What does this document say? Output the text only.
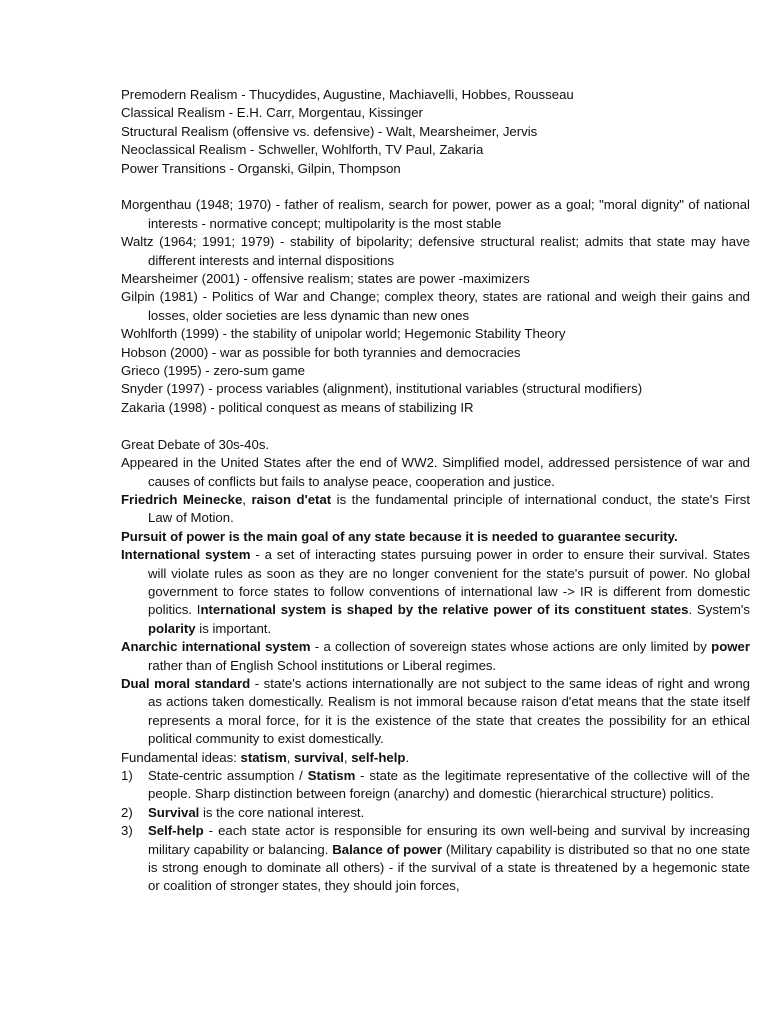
Premodern Realism - Thucydides, Augustine, Machiavelli, Hobbes, Rousseau
Classical Realism - E.H. Carr, Morgentau, Kissinger
Structural Realism (offensive vs. defensive) - Walt, Mearsheimer, Jervis
Neoclassical Realism - Schweller, Wohlforth, TV Paul, Zakaria
Power Transitions - Organski, Gilpin, Thompson
Morgenthau (1948; 1970) - father of realism, search for power, power as a goal; "moral dignity" of national interests - normative concept; multipolarity is the most stable
Waltz (1964; 1991; 1979) - stability of bipolarity; defensive structural realist; admits that state may have different interests and internal dispositions
Mearsheimer (2001) - offensive realism; states are power -maximizers
Gilpin (1981) - Politics of War and Change; complex theory, states are rational and weigh their gains and losses, older societies are less dynamic than new ones
Wohlforth (1999) - the stability of unipolar world; Hegemonic Stability Theory
Hobson (2000) - war as possible for both tyrannies and democracies
Grieco (1995) - zero-sum game
Snyder (1997) - process variables (alignment), institutional variables (structural modifiers)
Zakaria (1998) - political conquest as means of stabilizing IR
Great Debate of 30s-40s.
Appeared in the United States after the end of WW2. Simplified model, addressed persistence of war and causes of conflicts but fails to analyse peace, cooperation and justice.
Friedrich Meinecke, raison d'etat is the fundamental principle of international conduct, the state's First Law of Motion.
Pursuit of power is the main goal of any state because it is needed to guarantee security.
International system - a set of interacting states pursuing power in order to ensure their survival. States will violate rules as soon as they are no longer convenient for the state's pursuit of power. No global government to force states to follow conventions of international law -> IR is different from domestic politics. International system is shaped by the relative power of its constituent states. System's polarity is important.
Anarchic international system - a collection of sovereign states whose actions are only limited by power rather than of English School institutions or Liberal regimes.
Dual moral standard - state's actions internationally are not subject to the same ideas of right and wrong as actions taken domestically. Realism is not immoral because raison d'etat means that the state itself represents a moral force, for it is the existence of the state that creates the possibility for an ethical political community to exist domestically.
Fundamental ideas: statism, survival, self-help.
1) State-centric assumption / Statism - state as the legitimate representative of the collective will of the people. Sharp distinction between foreign (anarchy) and domestic (hierarchical structure) politics.
2) Survival is the core national interest.
3) Self-help - each state actor is responsible for ensuring its own well-being and survival by increasing military capability or balancing. Balance of power (Military capability is distributed so that no one state is strong enough to dominate all others) - if the survival of a state is threatened by a hegemonic state or coalition of stronger states, they should join forces,
